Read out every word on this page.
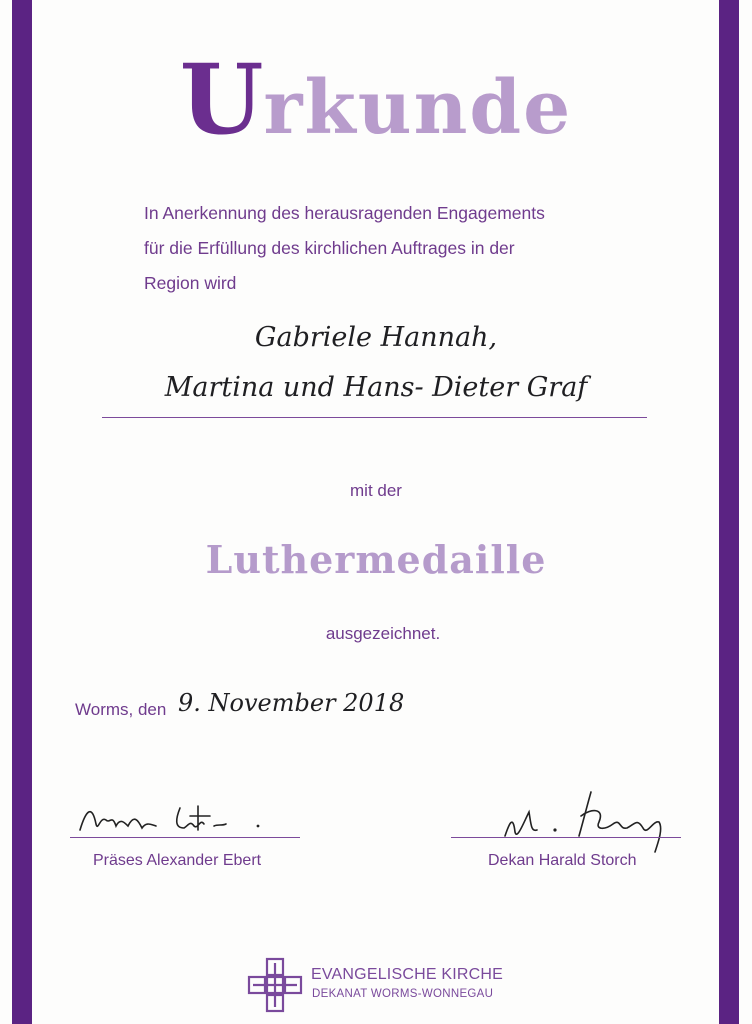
Urkunde
In Anerkennung des herausragenden Engagements
für die Erfüllung des kirchlichen Auftrages in der
Region wird
Gabriele Hannah,
Martina und Hans- Dieter Graf
mit der
Luthermedaille
ausgezeichnet.
Worms, den 9. November 2018
Präses Alexander Ebert	Dekan Harald Storch
EVANGELISCHE KIRCHE
DEKANAT WORMS-WONNEGAU
